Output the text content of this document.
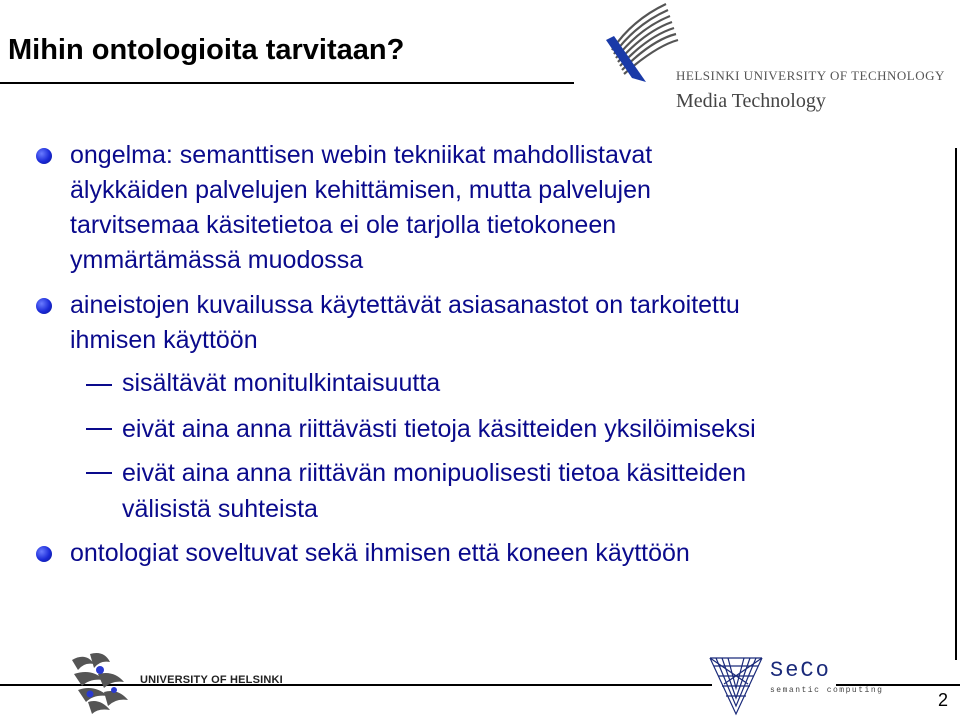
Mihin ontologioita tarvitaan?
HELSINKI UNIVERSITY OF TECHNOLOGY
Media Technology
ongelma: semanttisen webin tekniikat mahdollistavat
älykkäiden palvelujen kehittämisen, mutta palvelujen
tarvitsemaa käsitetietoa ei ole tarjolla tietokoneen
ymmärtämässä muodossa
aineistojen kuvailussa käytettävät asiasanastot on tarkoitettu
ihmisen käyttöön
sisältävät monitulkintaisuutta
eivät aina anna riittävästi tietoja käsitteiden yksilöimiseksi
eivät aina anna riittävän monipuolisesti tietoa käsitteiden
välisistä suhteista
ontologiat soveltuvat sekä ihmisen että koneen käyttöön
UNIVERSITY OF HELSINKI	SeCo
semantic computing	2
